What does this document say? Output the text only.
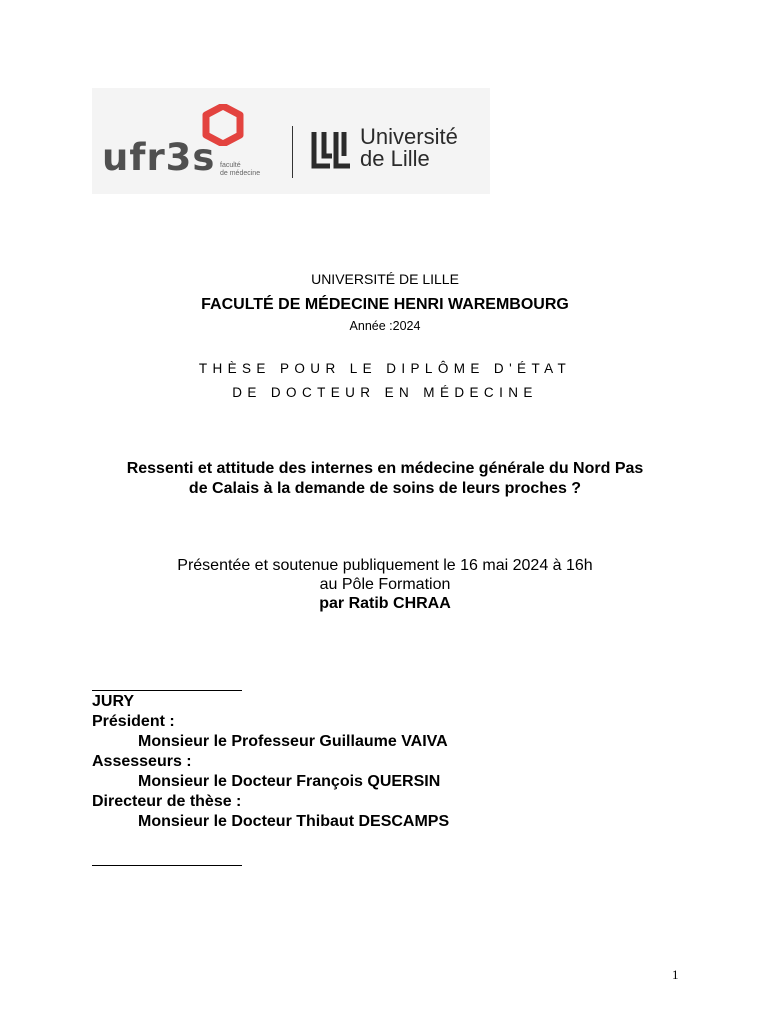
ufr3s faculté
de médecine
Université
de Lille
UNIVERSITÉ DE LILLE
FACULTÉ DE MÉDECINE HENRI WAREMBOURG
Année :2024
THÈSE POUR LE DIPLÔME D'ÉTAT
DE DOCTEUR EN MÉDECINE
Ressenti et attitude des internes en médecine générale du Nord Pas
de Calais à la demande de soins de leurs proches ?
Présentée et soutenue publiquement le 16 mai 2024 à 16h
au Pôle Formation
par Ratib CHRAA
JURY
Président :
Monsieur le Professeur Guillaume VAIVA
Assesseurs :
Monsieur le Docteur François QUERSIN
Directeur de thèse :
Monsieur le Docteur Thibaut DESCAMPS
1
